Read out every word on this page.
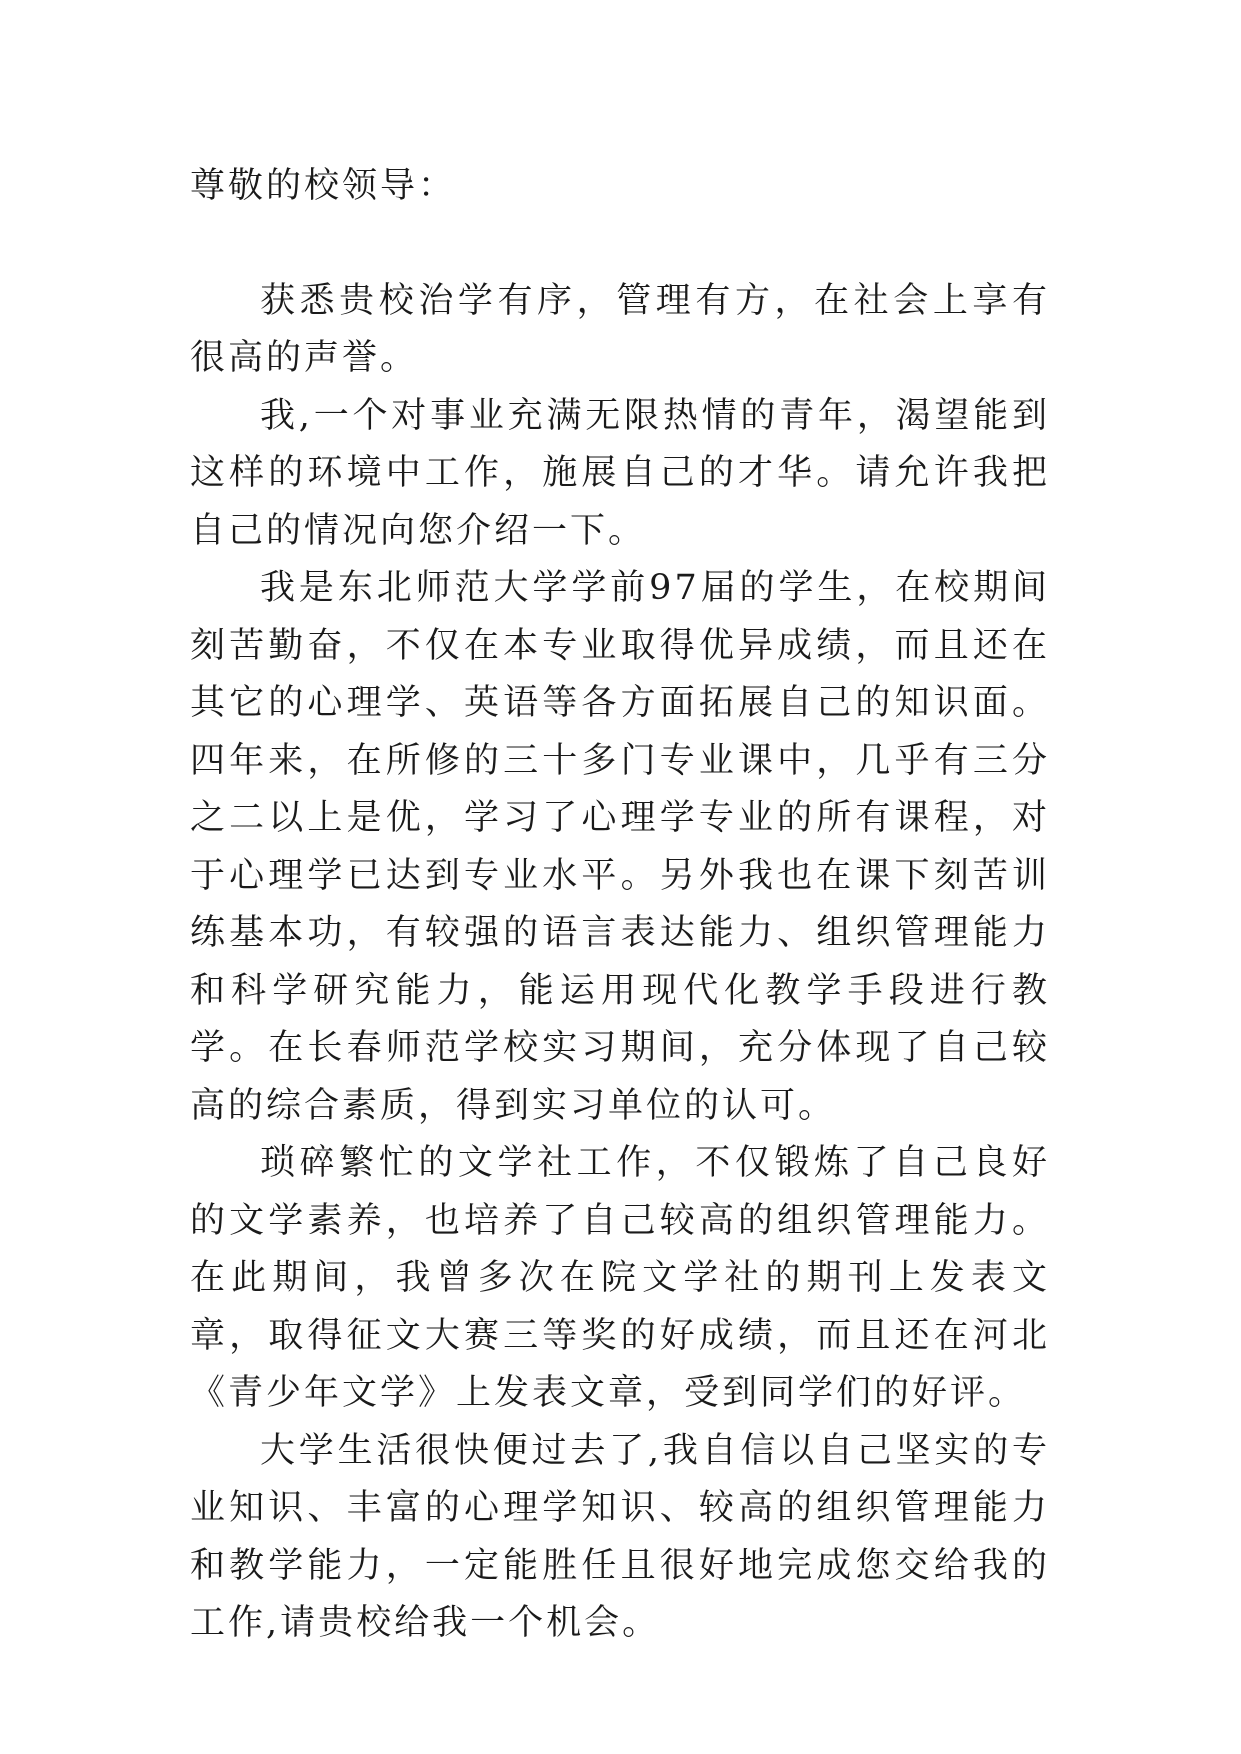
尊敬的校领导：

获悉贵校治学有序，管理有方，在社会上享有很高的声誉。

我,一个对事业充满无限热情的青年，渴望能到这样的环境中工作，施展自己的才华。请允许我把自己的情况向您介绍一下。

我是东北师范大学学前97届的学生，在校期间刻苦勤奋，不仅在本专业取得优异成绩，而且还在其它的心理学、英语等各方面拓展自己的知识面。四年来，在所修的三十多门专业课中，几乎有三分之二以上是优，学习了心理学专业的所有课程，对于心理学已达到专业水平。另外我也在课下刻苦训练基本功，有较强的语言表达能力、组织管理能力和科学研究能力，能运用现代化教学手段进行教学。在长春师范学校实习期间，充分体现了自己较高的综合素质，得到实习单位的认可。

琐碎繁忙的文学社工作，不仅锻炼了自己良好的文学素养，也培养了自己较高的组织管理能力。在此期间，我曾多次在院文学社的期刊上发表文章，取得征文大赛三等奖的好成绩，而且还在河北《青少年文学》上发表文章，受到同学们的好评。

大学生活很快便过去了,我自信以自己坚实的专业知识、丰富的心理学知识、较高的组织管理能力和教学能力，一定能胜任且很好地完成您交给我的工作,请贵校给我一个机会。
